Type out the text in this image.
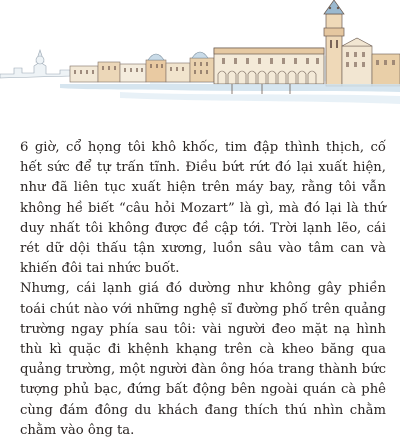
6 giờ, cổ họng tôi khô khốc, tim đập thình thịch, cố hết sức để tự trấn tĩnh. Điều bứt rứt đó lại xuất hiện, như đã liên tục xuất hiện trên máy bay, rằng tôi vẫn không hề biết “câu hỏi Mozart” là gì, mà đó lại là thứ duy nhất tôi không được đề cập tới. Trời lạnh lẽo, cái rét dữ dội thấu tận xương, luồn sâu vào tâm can và khiến đôi tai nhức buốt.

Nhưng, cái lạnh giá đó dường như không gây phiền toái chút nào với những nghệ sĩ đường phố trên quảng trường ngay phía sau tôi: vài người đeo mặt nạ hình thù kì quặc đi khệnh khạng trên cà kheo băng qua quảng trường, một người đàn ông hóa trang thành bức tượng phủ bạc, đứng bất động bên ngoài quán cà phê cùng đám đông du khách đang thích thú nhìn chằm chằm vào ông ta.
